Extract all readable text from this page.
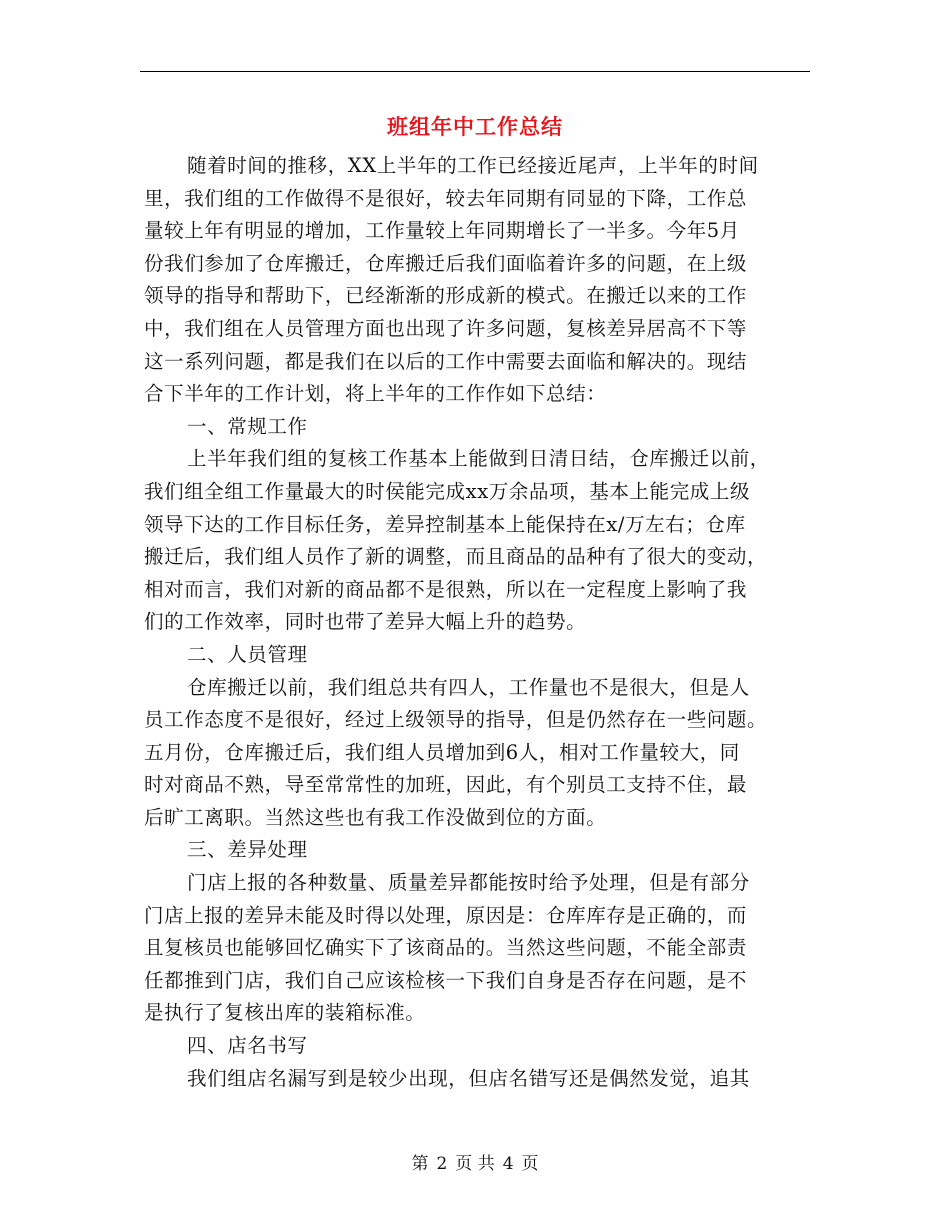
班组年中工作总结
随着时间的推移，XX上半年的工作已经接近尾声，上半年的时间
里，我们组的工作做得不是很好，较去年同期有同显的下降，工作总
量较上年有明显的增加，工作量较上年同期增长了一半多。今年5月
份我们参加了仓库搬迁，仓库搬迁后我们面临着许多的问题，在上级
领导的指导和帮助下，已经渐渐的形成新的模式。在搬迁以来的工作
中，我们组在人员管理方面也出现了许多问题，复核差异居高不下等
这一系列问题，都是我们在以后的工作中需要去面临和解决的。现结
合下半年的工作计划，将上半年的工作作如下总结：
一、常规工作
上半年我们组的复核工作基本上能做到日清日结，仓库搬迁以前，
我们组全组工作量最大的时侯能完成xx万余品项，基本上能完成上级
领导下达的工作目标任务，差异控制基本上能保持在x/万左右；仓库
搬迁后，我们组人员作了新的调整，而且商品的品种有了很大的变动，
相对而言，我们对新的商品都不是很熟，所以在一定程度上影响了我
们的工作效率，同时也带了差异大幅上升的趋势。
二、人员管理
仓库搬迁以前，我们组总共有四人，工作量也不是很大，但是人
员工作态度不是很好，经过上级领导的指导，但是仍然存在一些问题。
五月份，仓库搬迁后，我们组人员增加到6人，相对工作量较大，同
时对商品不熟，导至常常性的加班，因此，有个别员工支持不住，最
后旷工离职。当然这些也有我工作没做到位的方面。
三、差异处理
门店上报的各种数量、质量差异都能按时给予处理，但是有部分
门店上报的差异未能及时得以处理，原因是：仓库库存是正确的，而
且复核员也能够回忆确实下了该商品的。当然这些问题，不能全部责
任都推到门店，我们自己应该检核一下我们自身是否存在问题，是不
是执行了复核出库的装箱标准。
四、店名书写
我们组店名漏写到是较少出现，但店名错写还是偶然发觉，追其
第 2 页 共 4 页
